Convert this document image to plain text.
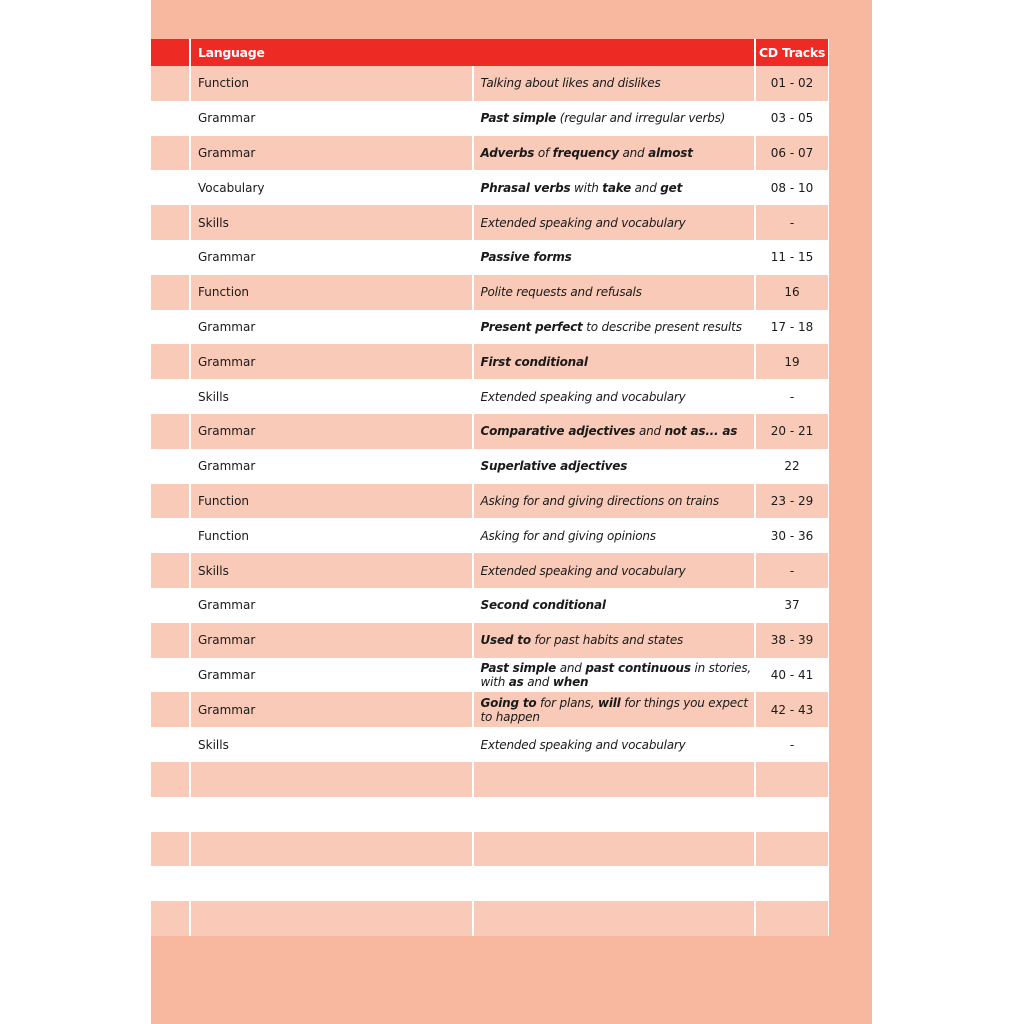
	Language		CD Tracks
	Function	Talking about likes and dislikes	01 - 02
	Grammar	Past simple (regular and irregular verbs)	03 - 05
	Grammar	Adverbs of frequency and almost	06 - 07
	Vocabulary	Phrasal verbs with take and get	08 - 10
	Skills	Extended speaking and vocabulary	-
	Grammar	Passive forms	11 - 15
	Function	Polite requests and refusals	16
	Grammar	Present perfect to describe present results	17 - 18
	Grammar	First conditional	19
	Skills	Extended speaking and vocabulary	-
	Grammar	Comparative adjectives and not as... as	20 - 21
	Grammar	Superlative adjectives	22
	Function	Asking for and giving directions on trains	23 - 29
	Function	Asking for and giving opinions	30 - 36
	Skills	Extended speaking and vocabulary	-
	Grammar	Second conditional	37
	Grammar	Used to for past habits and states	38 - 39
	Grammar	Past simple and past continuous in stories, with as and when	40 - 41
	Grammar	Going to for plans, will for things you expect to happen	42 - 43
	Skills	Extended speaking and vocabulary	-
